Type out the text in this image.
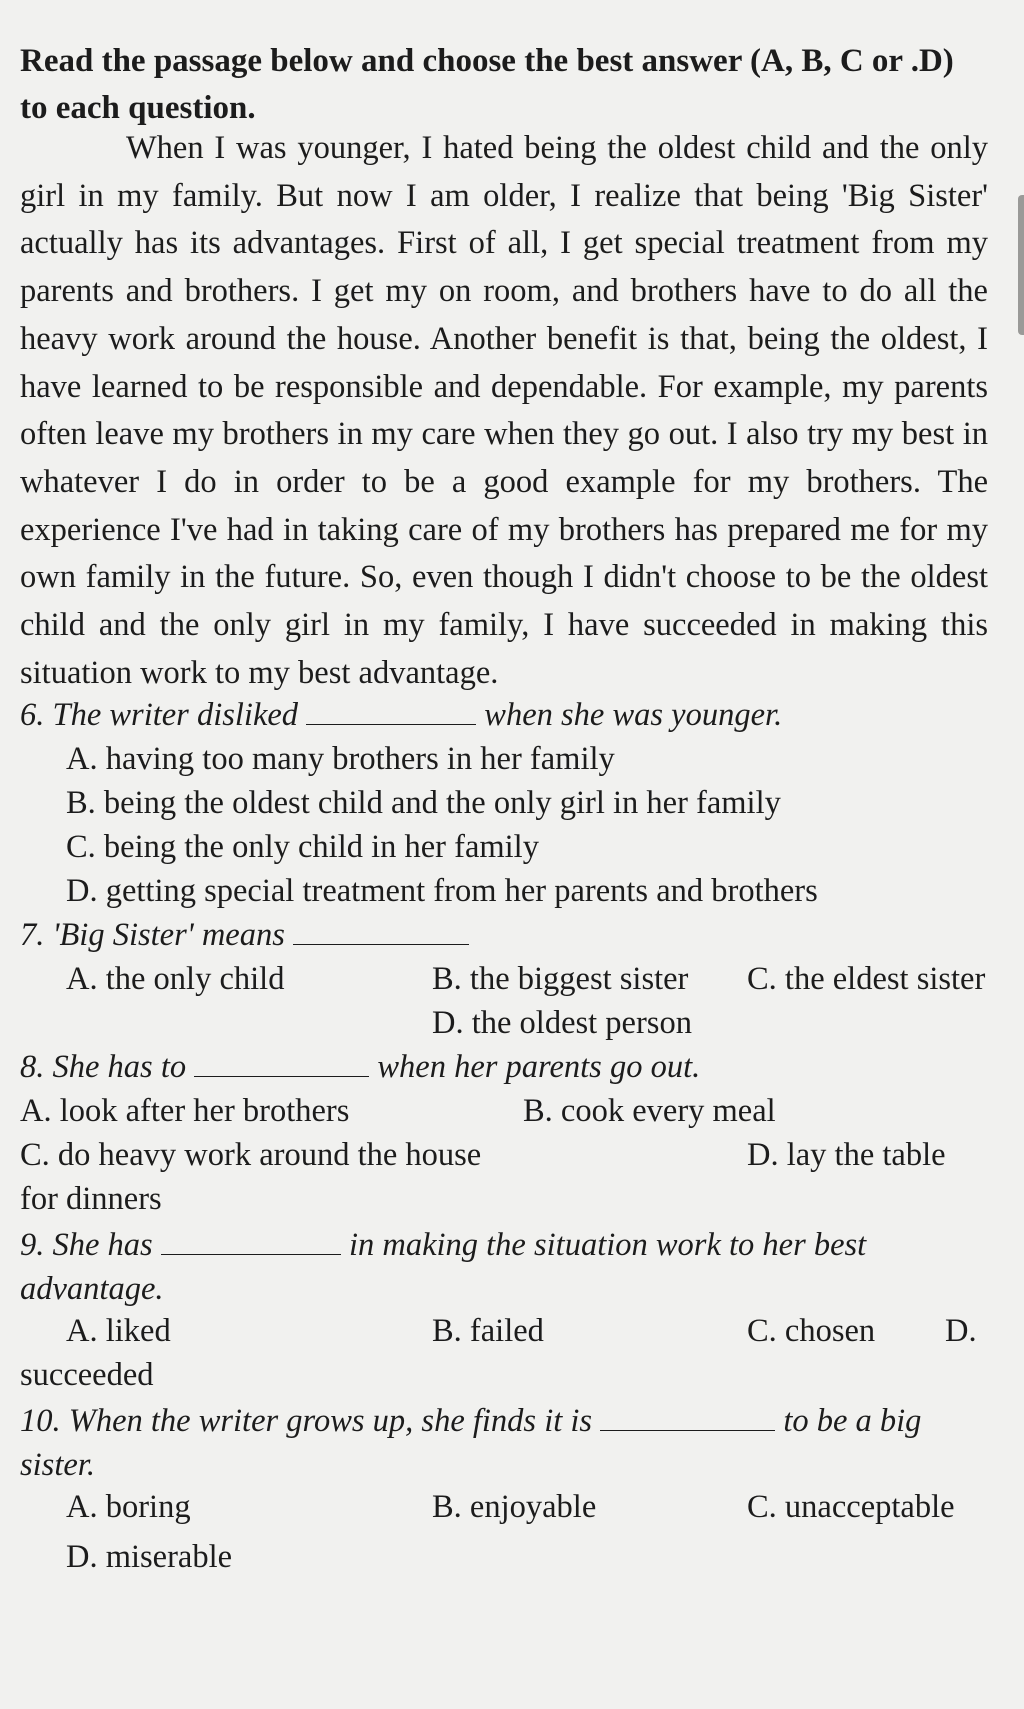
Read the passage below and choose the best answer (A, B, C or .D) to each question.

When I was younger, I hated being the oldest child and the only girl in my family. But now I am older, I realize that being 'Big Sister' actually has its advantages. First of all, I get special treatment from my parents and brothers. I get my on room, and brothers have to do all the heavy work around the house. Another benefit is that, being the oldest, I have learned to be responsible and dependable. For example, my parents often leave my brothers in my care when they go out. I also try my best in whatever I do in order to be a good example for my brothers. The experience I've had in taking care of my brothers has prepared me for my own family in the future. So, even though I didn't choose to be the oldest child and the only girl in my family, I have succeeded in making this situation work to my best advantage.

6. The writer disliked	when she was younger.
A. having too many brothers in her family
B. being the oldest child and the only girl in her family
C. being the only child in her family
D. getting special treatment from her parents and brothers
7. 'Big Sister' means
A. the only child	B. the biggest sister C. the eldest sister
D. the oldest person
8. She has to	when her parents go out.
A. look after her brothers	B. cook every meal
C. do heavy work around the house	D. lay the table
9. She has	in making the situation work to her best advantage.
A. liked	B. failed	C. chosen D.
succeeded
10. When the writer grows up, she finds it is	to be a big sister.
A. boring	B. enjoyable	C. unacceptable
D. miserable
for dinners
